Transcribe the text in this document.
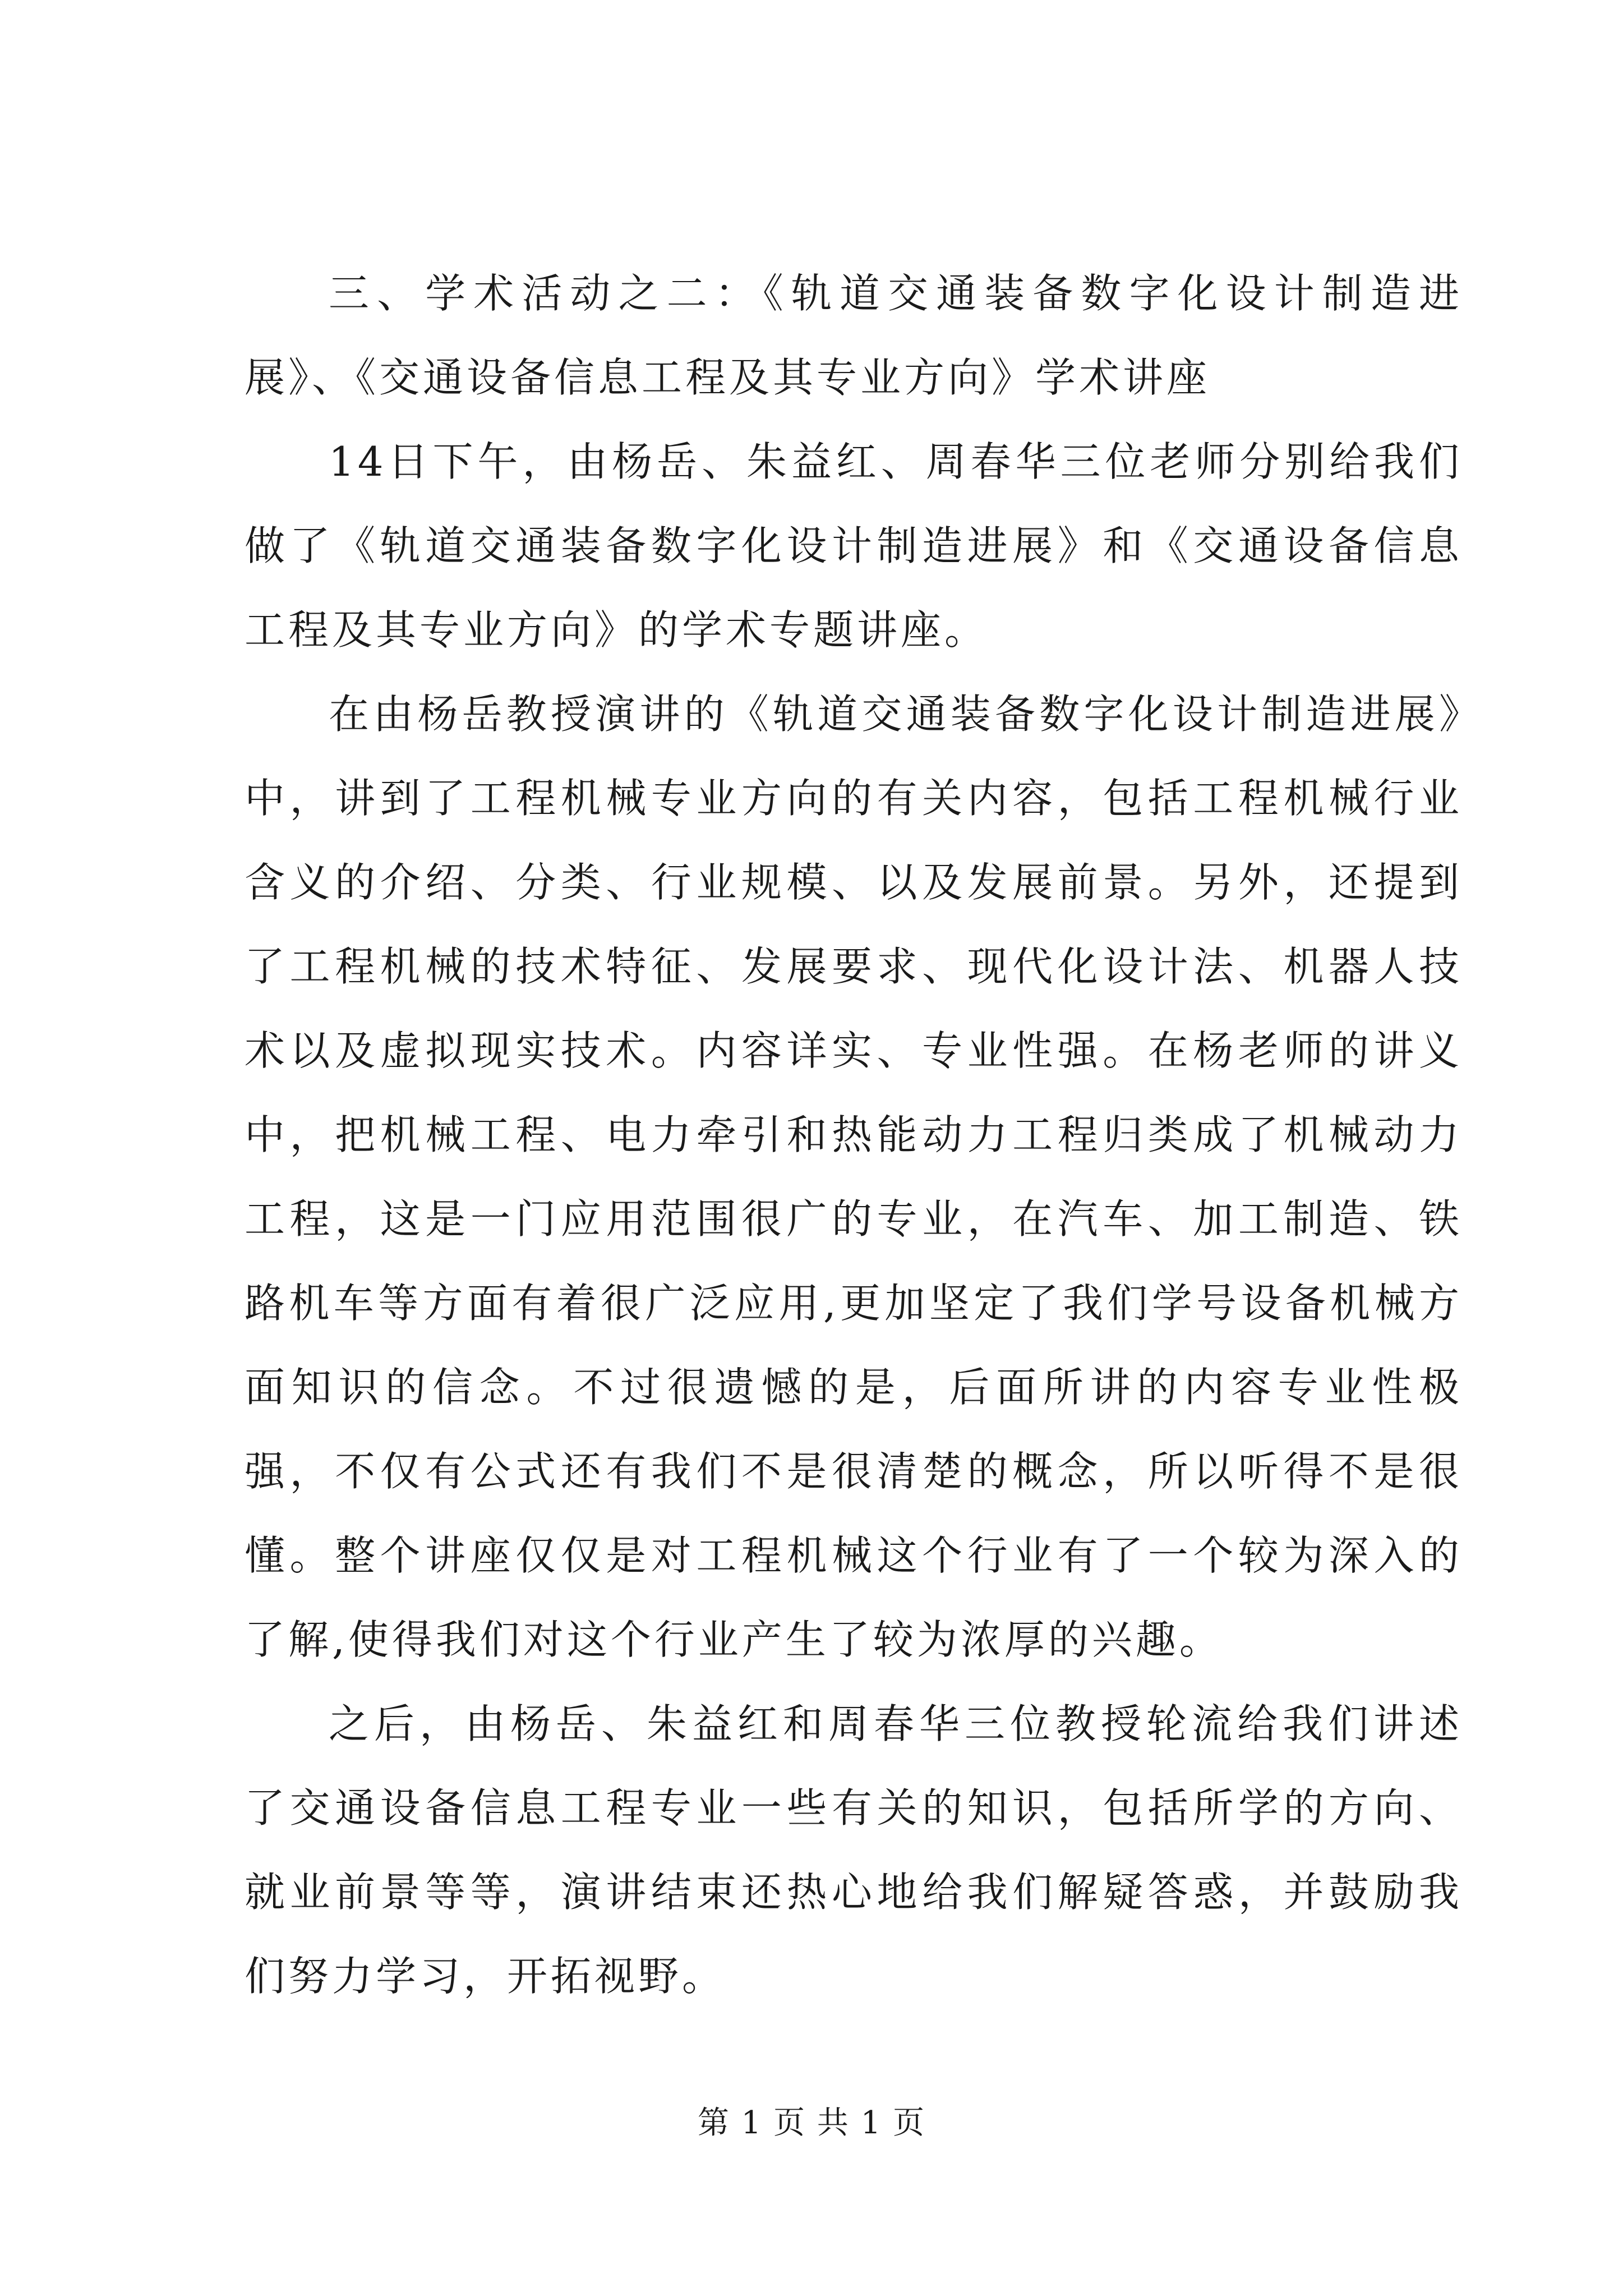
三、学术活动之二：《轨道交通装备数字化设计制造进展》、《交通设备信息工程及其专业方向》学术讲座

14日下午，由杨岳、朱益红、周春华三位老师分别给我们做了《轨道交通装备数字化设计制造进展》和《交通设备信息工程及其专业方向》的学术专题讲座。

在由杨岳教授演讲的《轨道交通装备数字化设计制造进展》中，讲到了工程机械专业方向的有关内容，包括工程机械行业含义的介绍、分类、行业规模、以及发展前景。另外，还提到了工程机械的技术特征、发展要求、现代化设计法、机器人技术以及虚拟现实技术。内容详实、专业性强。在杨老师的讲义中，把机械工程、电力牵引和热能动力工程归类成了机械动力工程，这是一门应用范围很广的专业，在汽车、加工制造、铁路机车等方面有着很广泛应用,更加坚定了我们学号设备机械方面知识的信念。不过很遗憾的是，后面所讲的内容专业性极强，不仅有公式还有我们不是很清楚的概念，所以听得不是很懂。整个讲座仅仅是对工程机械这个行业有了一个较为深入的了解,使得我们对这个行业产生了较为浓厚的兴趣。

之后，由杨岳、朱益红和周春华三位教授轮流给我们讲述了交通设备信息工程专业一些有关的知识，包括所学的方向、就业前景等等，演讲结束还热心地给我们解疑答惑，并鼓励我们努力学习，开拓视野。

第 1 页 共 1 页
